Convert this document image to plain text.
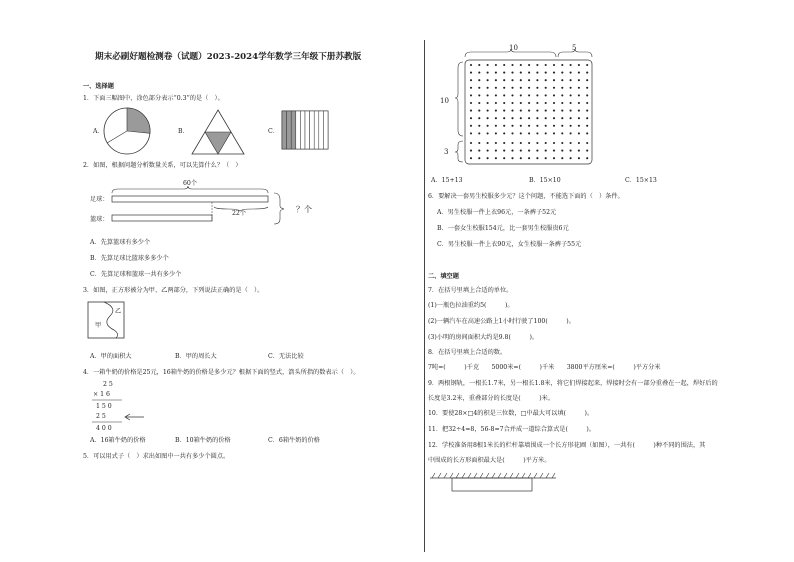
期末必刷好题检测卷（试题）2023-2024学年数学三年级下册苏教版
一、选择题
1．下面三幅图中，涂色部分表示“0.3”的是（　）。
A．	B．	C．
2．如图，根据问题分析数量关系，可以先算什么？（　）
60个
足球：
篮球：
22个	？个
A．先算篮球有多少个
B．先算足球比篮球多多少个
C．先算足球和篮球一共有多少个
3．如图，正方形被分为甲、乙两部分，下列说法正确的是（　）。
甲
乙
A．甲的面积大	B．甲的周长大	C．无法比较
4．一箱牛奶的价格是25元，16箱牛奶的价格是多少元？根据下面的竖式，箭头所指的数表示（　）。
2 5
× 1 6
1 5 0
2 5
4 0 0
A．16箱牛奶的价格	B．10箱牛奶的价格	C．6箱牛奶的价格
5．可以用式子（　）求出如图中一共有多少个圆点。
10	5
10
3
A．15+13	B．15×10	C．15×13
6．要解决一套男生校服多少元？这个问题，不能选下面的（　）条件。
A．男生校服一件上衣96元，一条裤子52元
B．一套女生校服154元，比一套男生校服贵6元
C．男生校服一件上衣90元，女生校服一条裤子55元
二、填空题
7．在括号里填上合适的单位。
(1)一瓶色拉油重约5(　　　)。
(2)一辆汽车在高速公路上1小时行驶了100(　　　)。
(3)小明的房间面积大约是9.8(　　　)。
8．在括号里填上合适的数。
7吨=(　　　)千克　　5000米=(　　　)千米　　3800平方厘米=(　　　)平方分米
9．两根钢轨，一根长1.7米，另一根长1.8米，将它们焊接起来，焊接时会有一部分重叠在一起，焊好后的
长度是3.2米，重叠部分的长度是(　　　)米。
10．要使28×□4的积是三位数，□中最大可以填(　　　)。
11．把32÷4=8，56-8=7合并成一道综合算式是(　　　)。
12．学校准备用8根1米长的栏杆靠墙围成一个长方形花圃（如图），一共有(　　　)种不同的围法，其
中围成的长方形面积最大是(　　　)平方米。
